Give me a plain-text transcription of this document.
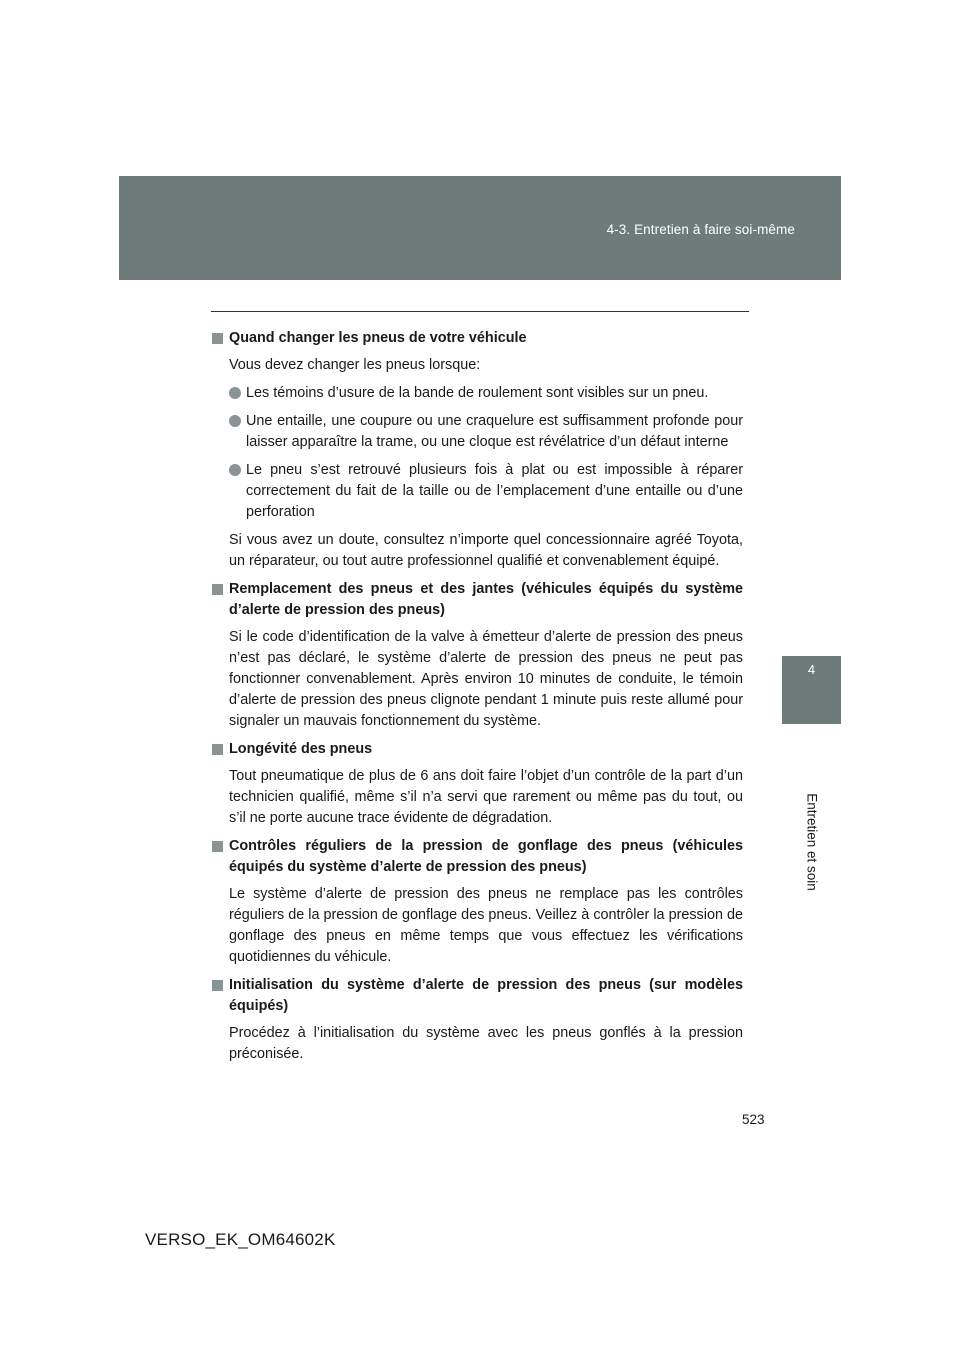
4-3. Entretien à faire soi-même
4
Entretien et soin
Quand changer les pneus de votre véhicule
Vous devez changer les pneus lorsque:
Les témoins d’usure de la bande de roulement sont visibles sur un pneu.
Une entaille, une coupure ou une craquelure est suffisamment profonde pour laisser apparaître la trame, ou une cloque est révélatrice d’un défaut interne
Le pneu s’est retrouvé plusieurs fois à plat ou est impossible à réparer correctement du fait de la taille ou de l’emplacement d’une entaille ou d’une perforation
Si vous avez un doute, consultez n’importe quel concessionnaire agréé Toyota, un réparateur, ou tout autre professionnel qualifié et convenablement équipé.
Remplacement des pneus et des jantes (véhicules équipés du système d’alerte de pression des pneus)
Si le code d’identification de la valve à émetteur d’alerte de pression des pneus n’est pas déclaré, le système d’alerte de pression des pneus ne peut pas fonctionner convenablement. Après environ 10 minutes de conduite, le témoin d’alerte de pression des pneus clignote pendant 1 minute puis reste allumé pour signaler un mauvais fonctionnement du système.
Longévité des pneus
Tout pneumatique de plus de 6 ans doit faire l’objet d’un contrôle de la part d’un technicien qualifié, même s’il n’a servi que rarement ou même pas du tout, ou s’il ne porte aucune trace évidente de dégradation.
Contrôles réguliers de la pression de gonflage des pneus (véhicules équipés du système d’alerte de pression des pneus)
Le système d’alerte de pression des pneus ne remplace pas les contrôles réguliers de la pression de gonflage des pneus. Veillez à contrôler la pression de gonflage des pneus en même temps que vous effectuez les vérifications quotidiennes du véhicule.
Initialisation du système d’alerte de pression des pneus (sur modèles équipés)
Procédez à l’initialisation du système avec les pneus gonflés à la pression préconisée.
523
VERSO_EK_OM64602K
